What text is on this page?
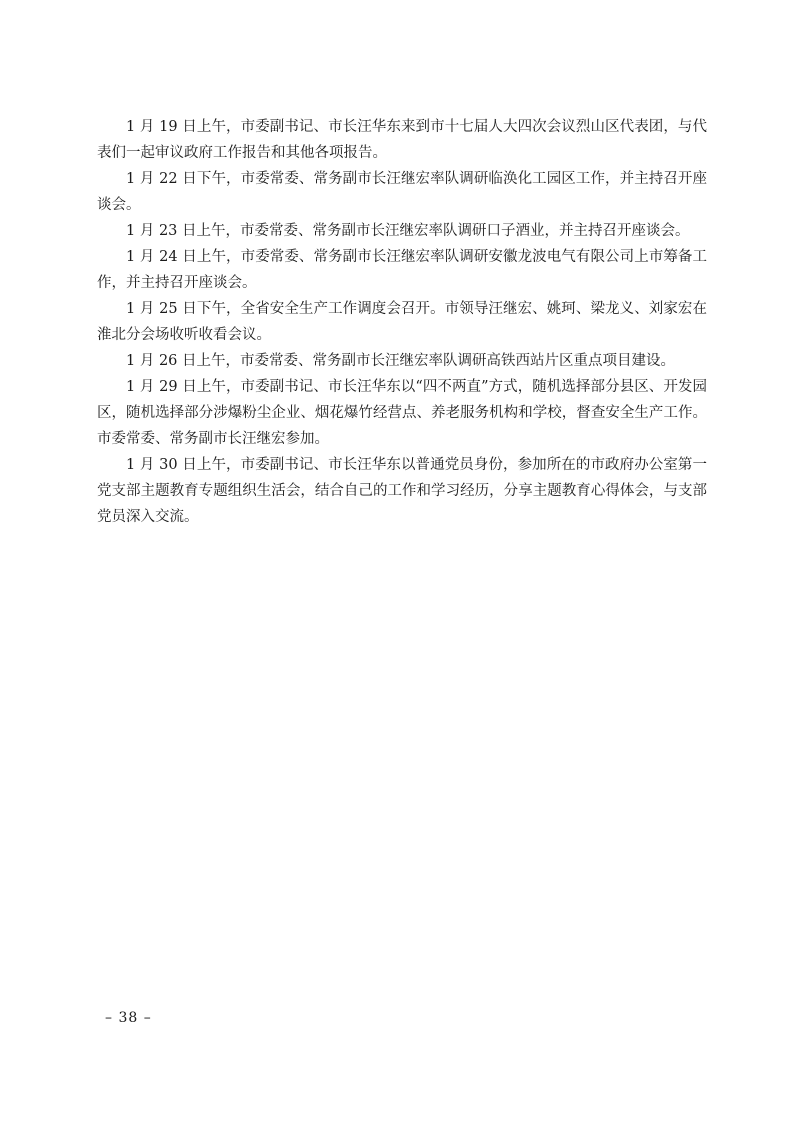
1 月 19 日上午，市委副书记、市长汪华东来到市十七届人大四次会议烈山区代表团，与代表们一起审议政府工作报告和其他各项报告。

1 月 22 日下午，市委常委、常务副市长汪继宏率队调研临涣化工园区工作，并主持召开座谈会。

1 月 23 日上午，市委常委、常务副市长汪继宏率队调研口子酒业，并主持召开座谈会。

1 月 24 日上午，市委常委、常务副市长汪继宏率队调研安徽龙波电气有限公司上市筹备工作，并主持召开座谈会。

1 月 25 日下午，全省安全生产工作调度会召开。市领导汪继宏、姚珂、梁龙义、刘家宏在淮北分会场收听收看会议。

1 月 26 日上午，市委常委、常务副市长汪继宏率队调研高铁西站片区重点项目建设。

1 月 29 日上午，市委副书记、市长汪华东以“四不两直”方式，随机选择部分县区、开发园区，随机选择部分涉爆粉尘企业、烟花爆竹经营点、养老服务机构和学校，督查安全生产工作。市委常委、常务副市长汪继宏参加。

1 月 30 日上午，市委副书记、市长汪华东以普通党员身份，参加所在的市政府办公室第一党支部主题教育专题组织生活会，结合自己的工作和学习经历，分享主题教育心得体会，与支部党员深入交流。

– 38 –
